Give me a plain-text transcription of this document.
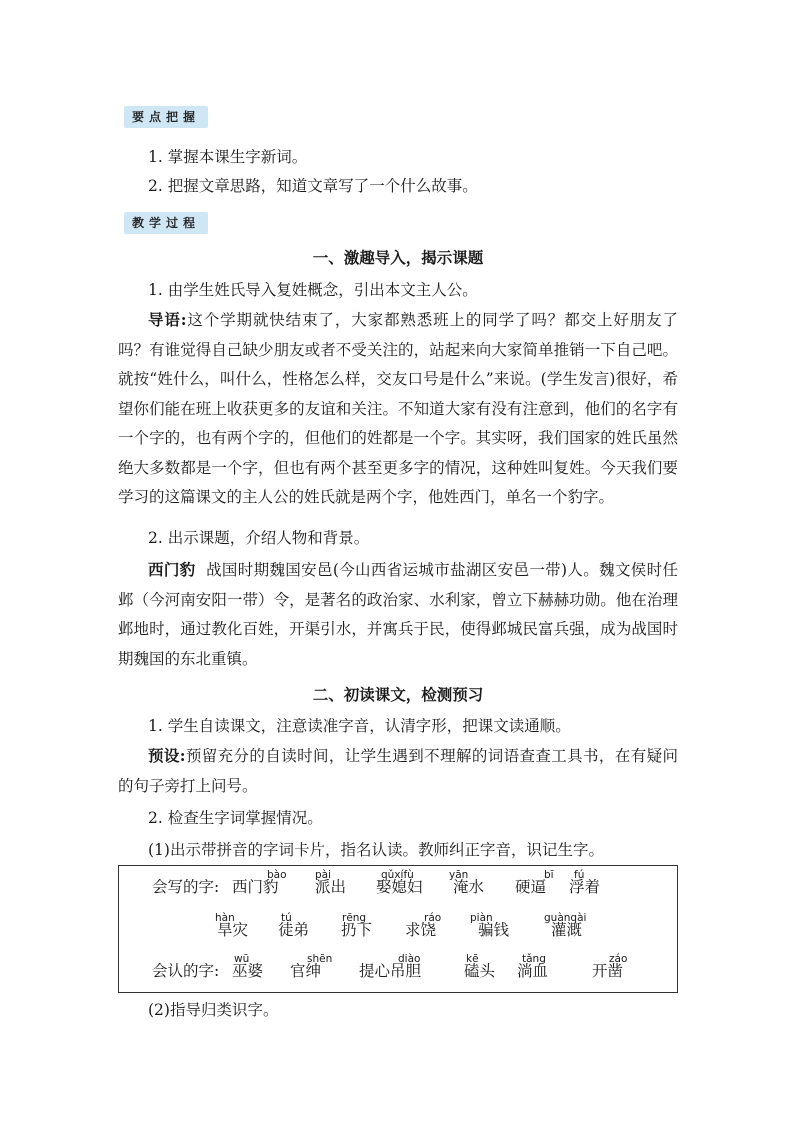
要点把握
1. 掌握本课生字新词。
2. 把握文章思路，知道文章写了一个什么故事。
教学过程
一、激趣导入，揭示课题
1. 由学生姓氏导入复姓概念，引出本文主人公。
导语:这个学期就快结束了，大家都熟悉班上的同学了吗？都交上好朋友了吗？有谁觉得自己缺少朋友或者不受关注的，站起来向大家简单推销一下自己吧。就按“姓什么，叫什么，性格怎么样，交友口号是什么”来说。(学生发言)很好，希望你们能在班上收获更多的友谊和关注。不知道大家有没有注意到，他们的名字有一个字的，也有两个字的，但他们的姓都是一个字。其实呀，我们国家的姓氏虽然绝大多数都是一个字，但也有两个甚至更多字的情况，这种姓叫复姓。今天我们要学习的这篇课文的主人公的姓氏就是两个字，他姓西门，单名一个豹字。
2. 出示课题，介绍人物和背景。
西门豹 战国时期魏国安邑(今山西省运城市盐湖区安邑一带)人。魏文侯时任邺（今河南安阳一带）令，是著名的政治家、水利家，曾立下赫赫功勋。他在治理邺地时，通过教化百姓，开渠引水，并寓兵于民，使得邺城民富兵强，成为战国时期魏国的东北重镇。
二、初读课文，检测预习
1. 学生自读课文，注意读准字音，认清字形，把课文读通顺。
预设:预留充分的自读时间，让学生遇到不理解的词语查查工具书，在有疑问的句子旁打上问号。
2. 检查生字词掌握情况。
(1)出示带拼音的字词卡片，指名认读。教师纠正字音，识记生字。
会写的字:
bào
西门豹
pài
派出
qǔxífù
娶媳妇
yān
淹水
bī
硬逼
fú
浮着
hàn
旱灾
tú
徒弟
rēng
扔下
ráo
求饶
piàn
骗钱
guànqài
灌溉
会认的字:
wū
巫婆
shēn
官绅
diào
提心吊胆
kē
磕头
tǎng
淌血
záo
开凿
(2)指导归类识字。
